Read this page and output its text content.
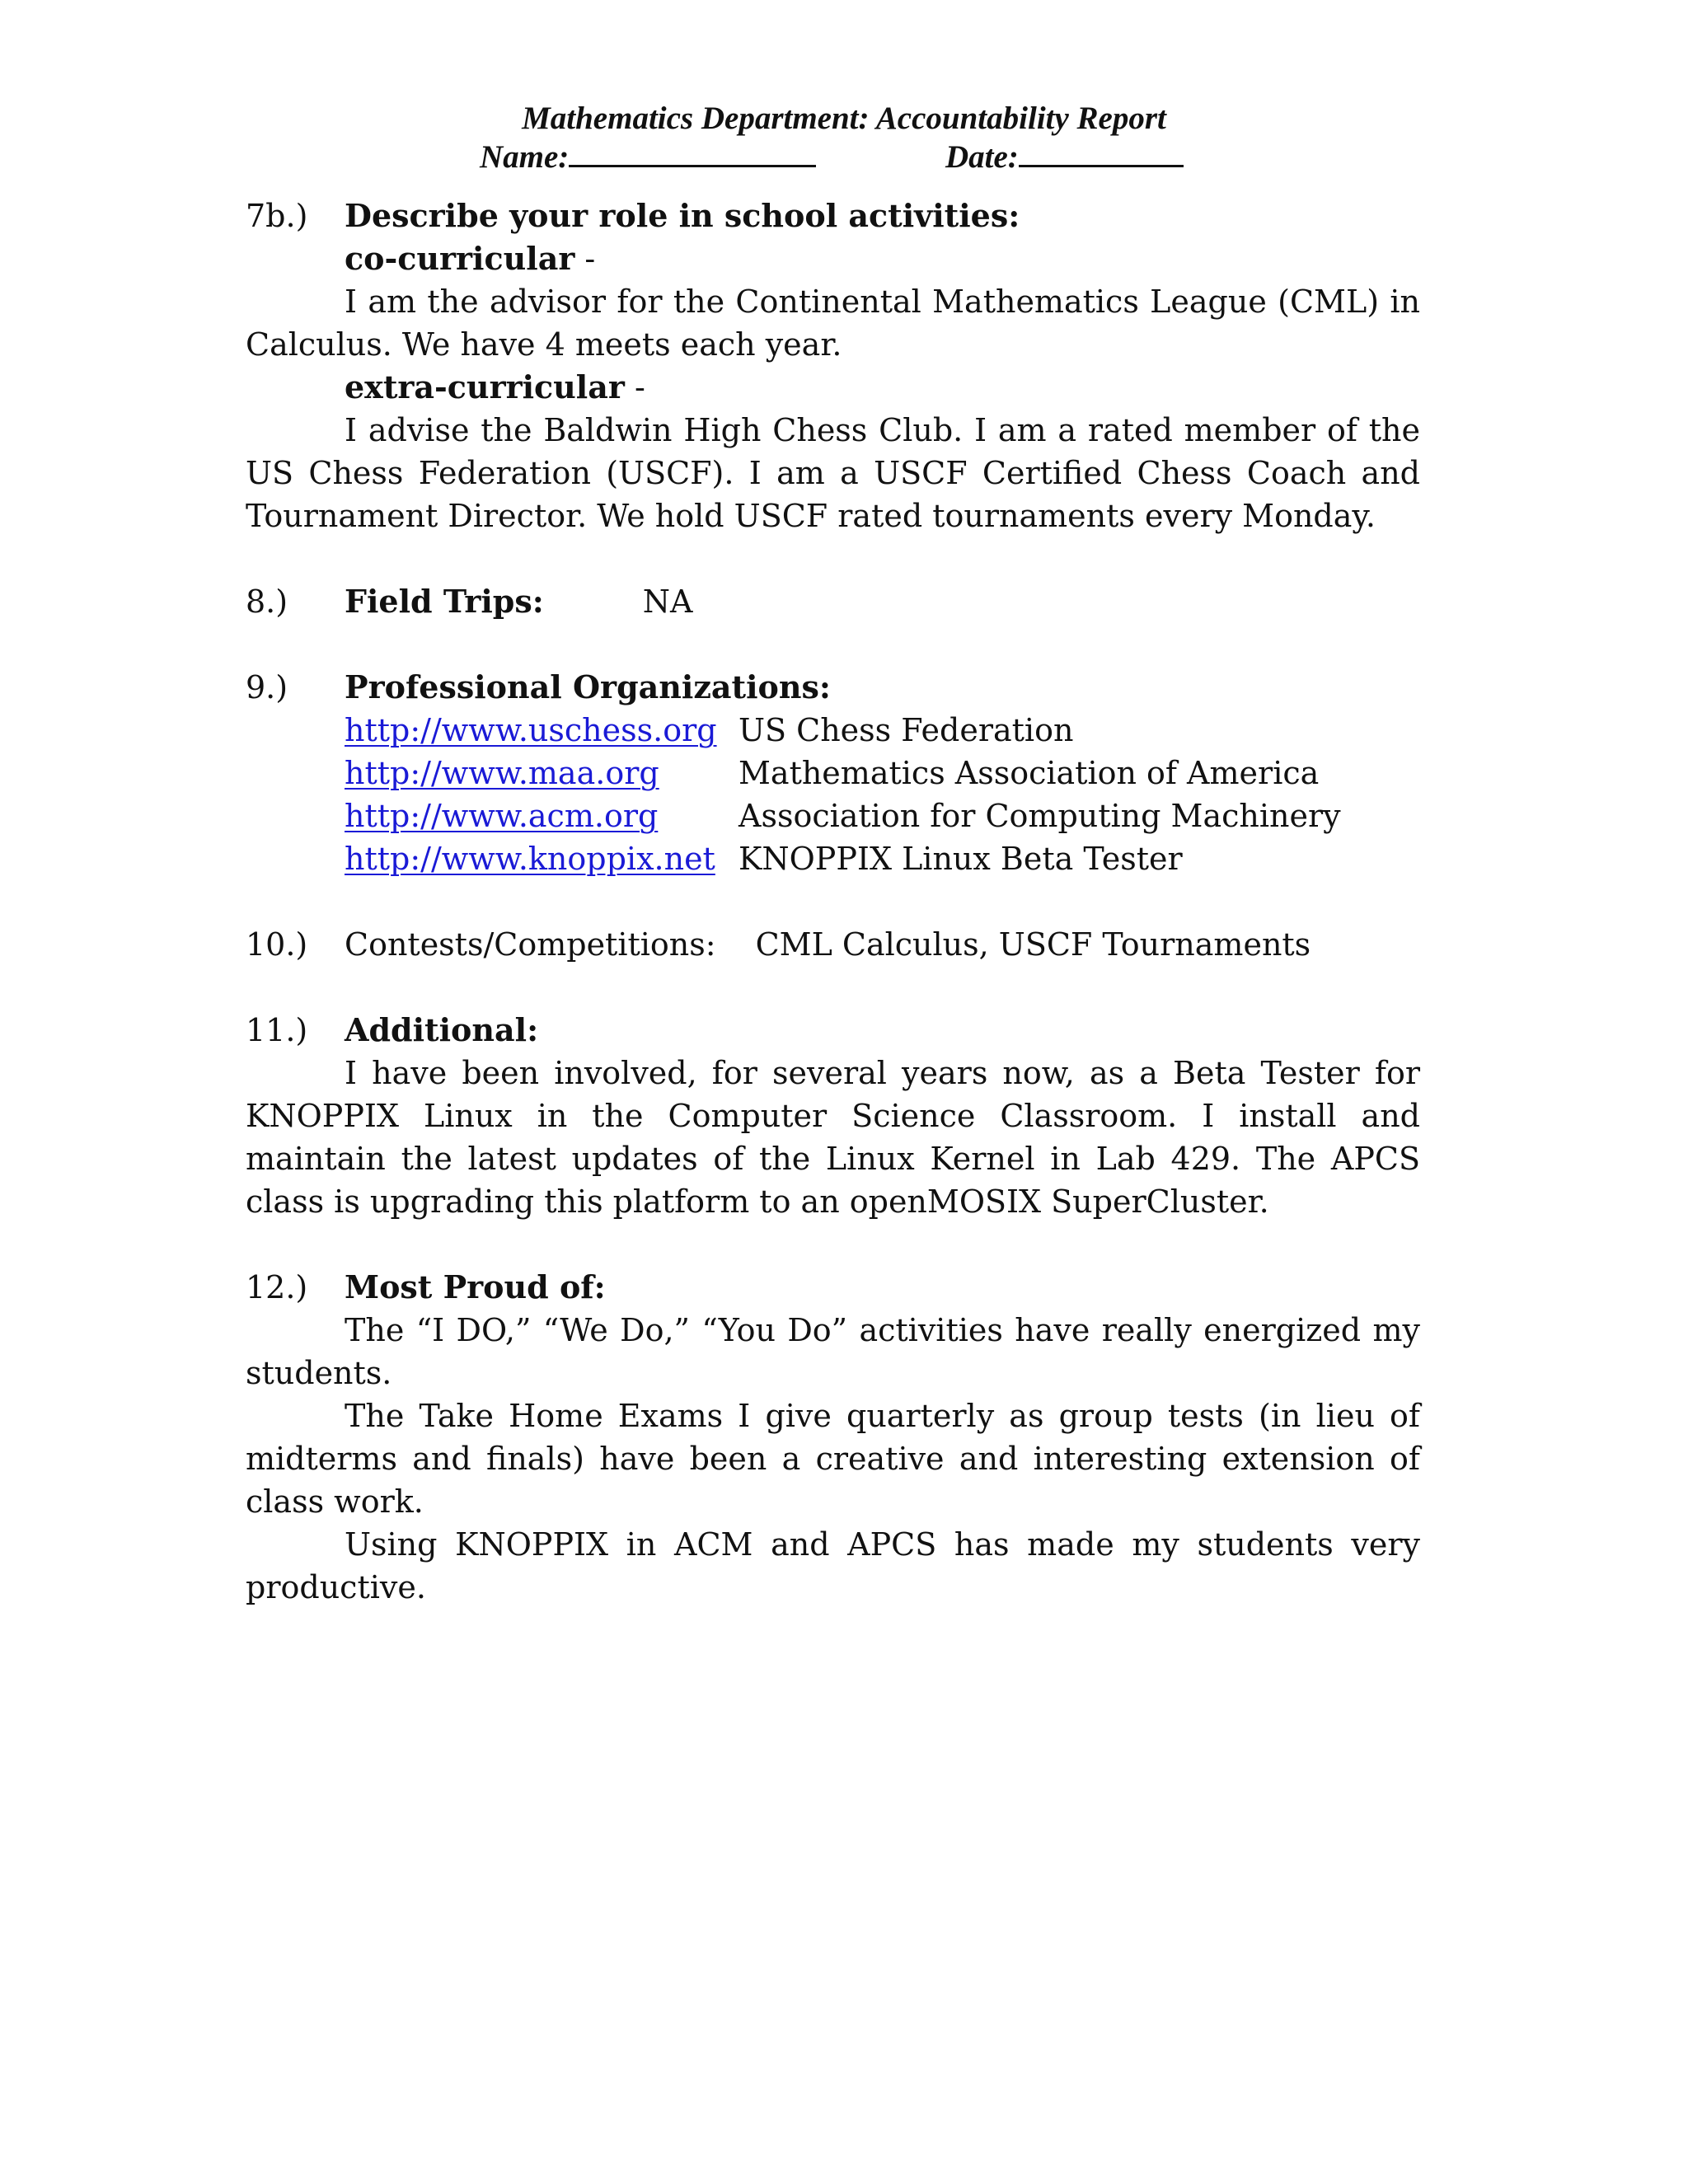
Mathematics Department: Accountability Report
Name:	Date:
7b.) Describe your role in school activities:
co-curricular -
I am the advisor for the Continental Mathematics League (CML) in Calculus. We have 4 meets each year.
extra-curricular -
I advise the Baldwin High Chess Club. I am a rated member of the US Chess Federation (USCF). I am a USCF Certified Chess Coach and Tournament Director. We hold USCF rated tournaments every Monday.
8.) Field Trips:	NA
9.) Professional Organizations:
http://www.uschess.org US Chess Federation
http://www.maa.org	Mathematics Association of America
http://www.acm.org	Association for Computing Machinery
http://www.knoppix.net KNOPPIX Linux Beta Tester
10.) Contests/Competitions: CML Calculus, USCF Tournaments
11.) Additional:
I have been involved, for several years now, as a Beta Tester for KNOPPIX Linux in the Computer Science Classroom. I install and maintain the latest updates of the Linux Kernel in Lab 429. The APCS class is upgrading this platform to an openMOSIX SuperCluster.
12.) Most Proud of:
The “I DO,” “We Do,” “You Do” activities have really energized my students.
The Take Home Exams I give quarterly as group tests (in lieu of midterms and finals) have been a creative and interesting extension of class work.
Using KNOPPIX in ACM and APCS has made my students very productive.
